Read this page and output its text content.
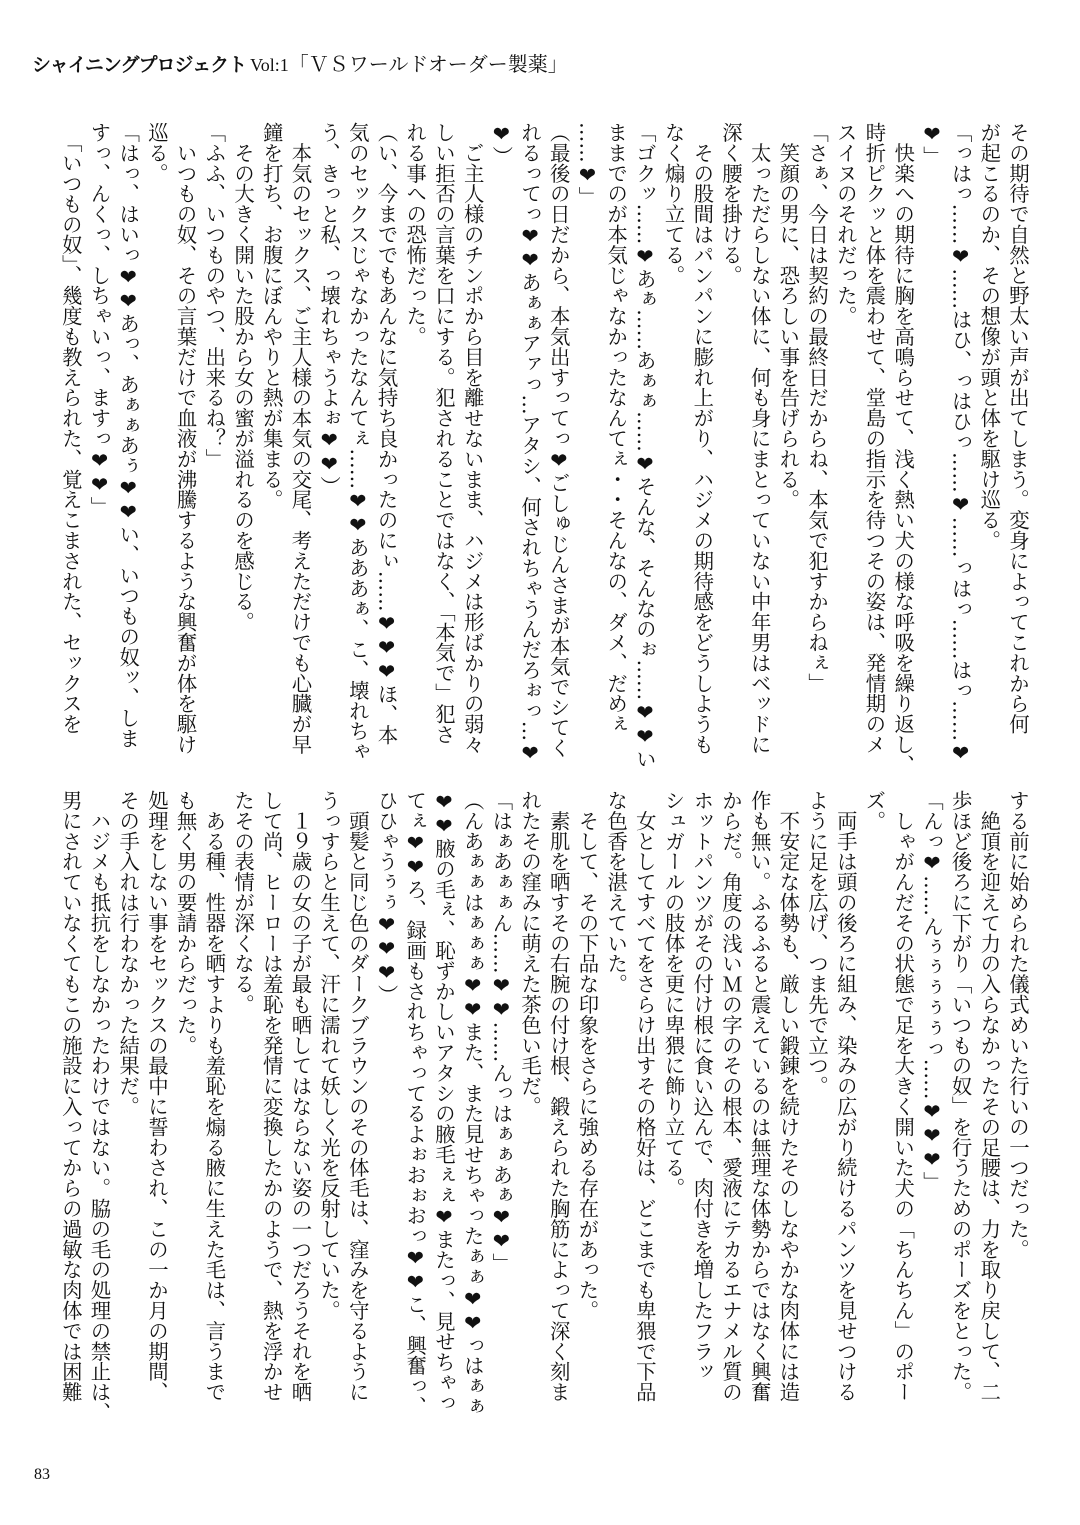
シャイニングプロジェクト Vol:1「ＶＳワールドオーダー製薬」
その期待で自然と野太い声が出てしまう。変身によってこれから何
が起こるのか、その想像が頭と体を駆け巡る。
「っはっ……❤……はひ、っはひっ……❤……っはっ……はっ……❤
❤」
　快楽への期待に胸を高鳴らせて、浅く熱い犬の様な呼吸を繰り返し、
時折ピクッと体を震わせて、堂島の指示を待つその姿は、発情期のメ
スイヌのそれだった。
「さぁ、今日は契約の最終日だからね、本気で犯すからねぇ」
　笑顔の男に、恐ろしい事を告げられる。
　太っただらしない体に、何も身にまとっていない中年男はベッドに
深く腰を掛ける。
　その股間はパンパンに膨れ上がり、ハジメの期待感をどうしようも
なく煽り立てる。
「ゴクッ……❤あぁ……あぁぁ……❤そんな、そんなのぉ……❤❤い
ままでのが本気じゃなかったなんてぇ・・そんなの、ダメ、だめぇ
……❤」
（最後の日だから、本気出すってっ❤ごしゅじんさまが本気でシてく
れるってっ❤❤あぁぁアァっ…アタシ、何されちゃうんだろぉっ…❤
❤）
　ご主人様のチンポから目を離せないまま、ハジメは形ばかりの弱々
しい拒否の言葉を口にする。犯されることではなく、「本気で」犯さ
れる事への恐怖だった。
（い、今まででもあんなに気持ち良かったのにぃ……❤❤❤ほ、本
気のセックスじゃなかったなんてぇ……❤❤あああぁ、こ、壊れちゃ
う、きっと私、っ壊れちゃうよぉ❤❤）
　本気のセックス、ご主人様の本気の交尾、考えただけでも心臓が早
鐘を打ち、お腹にぼんやりと熱が集まる。
　その大きく開いた股から女の蜜が溢れるのを感じる。
「ふふ、いつものやつ、出来るね？」
　いつもの奴、その言葉だけで血液が沸騰するような興奮が体を駆け
巡る。
「はっ、はいっ❤❤あっ、あぁぁあぅ❤❤い、いつもの奴ッ、しま
すっ、んくっ、しちゃいっ、ますっ❤❤」
　「いつもの奴」、幾度も教えられた、覚えこまされた、セックスを
する前に始められた儀式めいた行いの一つだった。
　絶頂を迎えて力の入らなかったその足腰は、力を取り戻して、二
歩ほど後ろに下がり「いつもの奴」を行うためのポーズをとった。
「んっ❤……んぅぅぅぅぅっ……❤❤❤」
　しゃがんだその状態で足を大きく開いた犬の「ちんちん」のポー
ズ。
　両手は頭の後ろに組み、染みの広がり続けるパンツを見せつける
ように足を広げ、つま先で立つ。
　不安定な体勢も、厳しい鍛錬を続けたそのしなやかな肉体には造
作も無い。ふるふると震えているのは無理な体勢からではなく興奮
からだ。角度の浅いＭの字のその根本、愛液にテカるエナメル質の
ホットパンツがその付け根に食い込んで、肉付きを増したフラッ
シュガールの肢体を更に卑猥に飾り立てる。
　女としてすべてをさらけ出すその格好は、どこまでも卑猥で下品
な色香を湛えていた。
　そして、その下品な印象をさらに強める存在があった。
　素肌を晒すその右腕の付け根、鍛えられた胸筋によって深く刻ま
れたその窪みに萌えた茶色い毛だ。
「はぁあぁぁん……❤❤……んっはぁぁあぁ❤❤」
（んあぁぁはぁぁぁ❤❤また、また見せちゃったぁぁ❤❤っはぁぁ
❤❤腋の毛ぇ、恥ずかしいアタシの腋毛ぇぇ❤またっ、見せちゃっ
てぇ❤❤ろ、録画もされちゃってるよぉおぉおっ❤❤こ、興奮っ、
ひひゃうぅぅ❤❤❤）
　頭髪と同じ色のダークブラウンのその体毛は、窪みを守るように
うっすらと生えて、汗に濡れて妖しく光を反射していた。
　１９歳の女の子が最も晒してはならない姿の一つだろうそれを晒
して尚、ヒーローは羞恥を発情に変換したかのようで、熱を浮かせ
たその表情が深くなる。
　ある種、性器を晒すよりも羞恥を煽る腋に生えた毛は、言うまで
も無く男の要請からだった。
処理をしない事をセックスの最中に誓わされ、この一か月の期間、
その手入れは行わなかった結果だ。
　ハジメも抵抗をしなかったわけではない。脇の毛の処理の禁止は、
男にされていなくてもこの施設に入ってからの過敏な肉体では困難
83
